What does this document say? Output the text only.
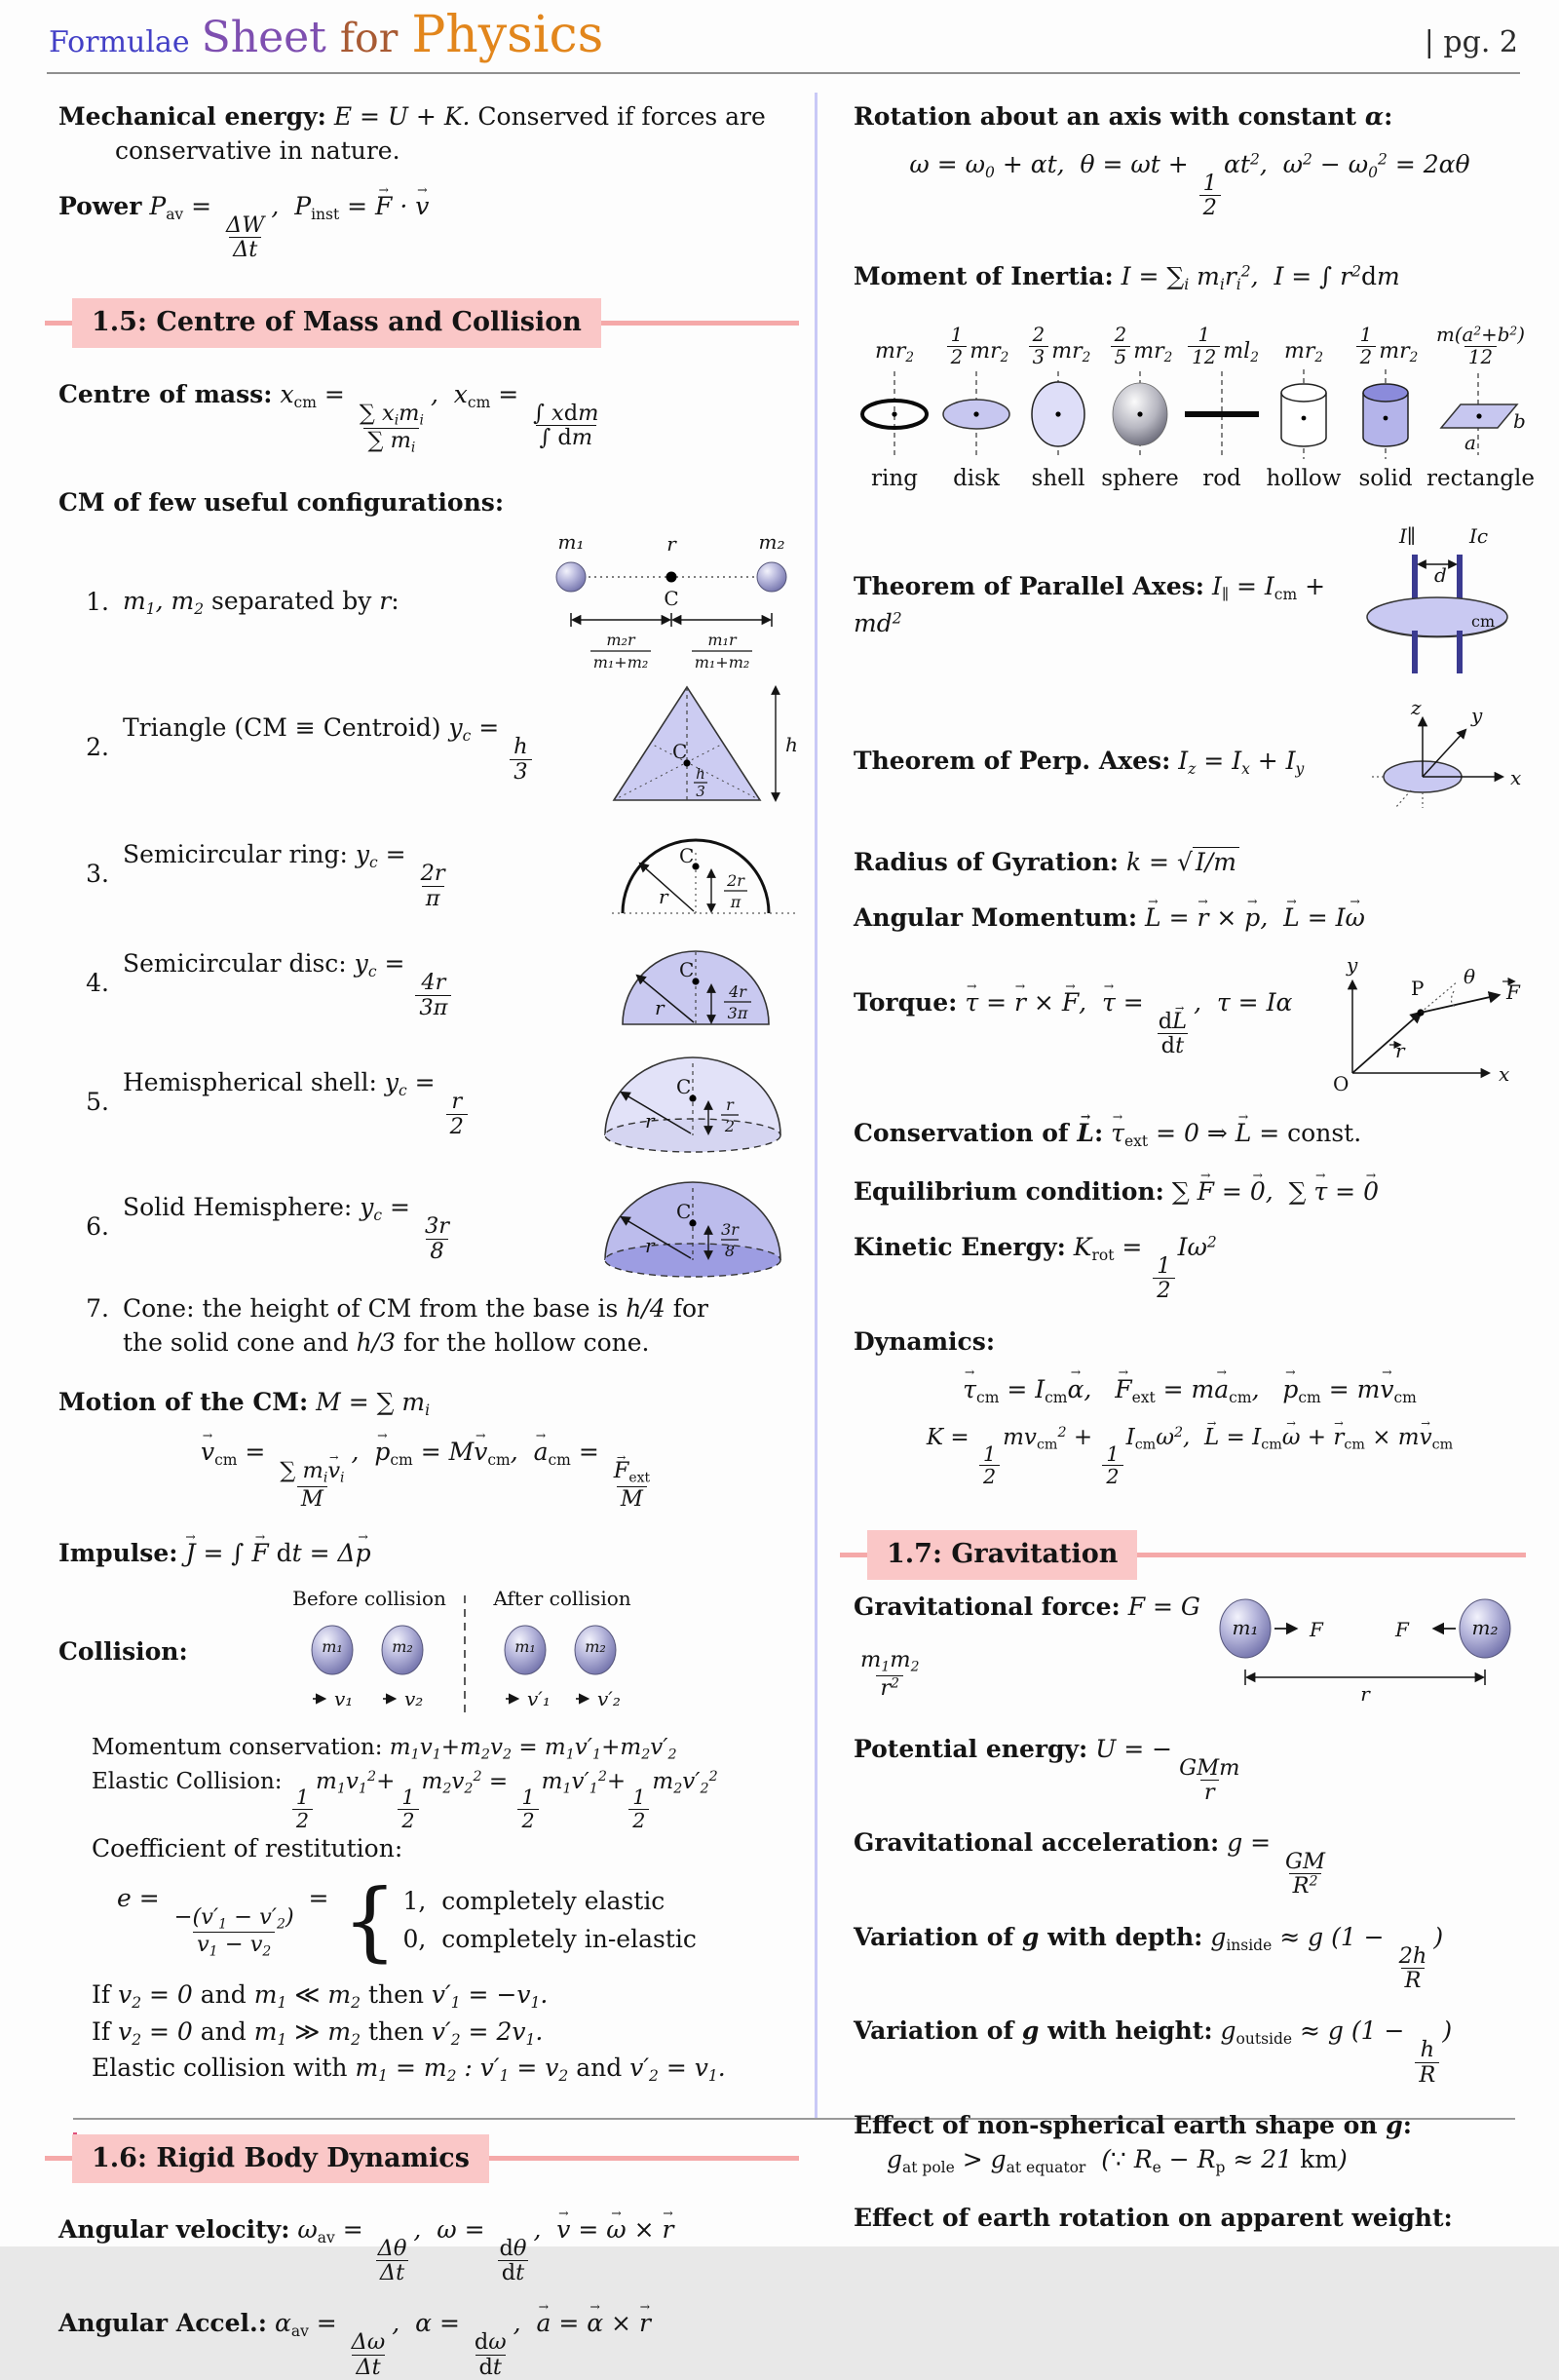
Formulae Sheet for Physics	| pg. 2
Mechanical energy: E = U + K. Conserved if forces are
conservative in nature.
Power Pav =
$\frac{\Delta W}{\Delta t}$
,  Pinst = F → · v →
1.5: Centre of Mass and Collision
Centre of mass: xcm =
$\frac{\text{∑ ximi}}{\sum mi}$
,  xcm =
$\frac{\text{∫ xdm}}{\int dm}$
CM of few useful configurations:
1. m1, m2 separated by r:
m₁	m₂
r
C
m₂r
m₁+m₂
m₁r
m₁+m₂
2.
Triangle (CM ≡ Centroid) yc =
$\frac{h}{3}$	C
h
3
h
3.
Semicircular ring: yc =
$\frac{2r}{\pi}$
C
r
2r
π
4.
Semicircular disc: yc =
$\frac{4r}{3\pi}$
C
r
4r
3π
5.
Hemispherical shell: yc =
$\frac{r}{2}$
C
r
r
2
6.
Solid Hemisphere: yc =
$\frac{3r}{8}$
C
r
3r
8
7. Cone: the height of CM from the base is h/4 for
the solid cone and h/3 for the hollow cone.
Motion of the CM: M = ∑ mi
v →cm =
$\frac{\text{∑ miv →i}}{M}$
,  p →cm = Mv →cm,  a →cm =
$\frac{\text{F →ext}}{M}$
Impulse: J → = ∫ F → dt = Δp →
Collision:
Before collision After collision
m₁	m₂	m₁	m₂
v₁	v₂	v′₁ v′₂
Momentum conservation: m1v1+m2v2 = m1v′1+m2v′2
Elastic Collision:
$\frac{1}{2}$
$m1v1^2+$
$\frac{1}{2}$
$m2v2^2$ =
$\frac{1}{2}$
$m1v'1^2+$
$\frac{1}{2}$
$m2v'2^2$
Coefficient of restitution:
e =
$\frac{-(v'1 - v'2)}{v1 - v2}$
= { 1, completely elastic
0, completely in-elastic
If v2 = 0 and m1 ≪ m2 then v′1 = −v1.
If v2 = 0 and m1 ≫ m2 then v′2 = 2v1.
Elastic collision with m1 = m2 : v′1 = v2 and v′2 = v1.
1.6: Rigid Body Dynamics
Angular velocity: ωav =
$\frac{\Delta\theta}{\Delta t}$
,  ω =
$\frac{d\theta}{dt}$
,  v → = ω → × r →
Angular Accel.: αav =
$\frac{\Delta\omega}{\Delta t}$
,  α =
$\frac{d\omega}{dt}$
,  a → = α → × r →
Rotation about an axis with constant α:
ω = ω0 + αt,  θ = ωt +
$\frac{1}{2}$
$\alpha t^2$,  $\omega^2 - \omega 0^2 = 2\alpha\theta$
Moment of Inertia: I = ∑i miri$^2$,  I = ∫ $r^2dm$
mr 2
ring
$\frac{1}{2}$ mr 2
disk
$\frac{2}{3}$ mr 2
shell
$\frac{2}{5}$ mr 2
sphere
$\frac{1}{12}$ ml 2
rod
mr 2
hollow
$\frac{1}{2}$ mr 2
solid
$\frac{m(a^2+b^2)}{12}$
a
b
rectangle
Theorem of Parallel Axes: I∥ = Icm + $md^2$
d
I∥	Ic
cm
Theorem of Perp. Axes: Iz = Ix + Iy
z	y
x
Radius of Gyration: k = √ I/m
Angular Momentum: L → = r → × p →,  L → = Iω →
Torque: τ → = r → × F →,  τ → =
$\frac{dL \to}{dt}$
,  τ = Iα
y
x
O
r
P	F
θ
Conservation of L →: τ →ext = 0 ⇒ L → = const.
Equilibrium condition: ∑ F → = 0 →,  ∑ τ → = 0 →
Kinetic Energy: Krot =
$\frac{1}{2}$
$I\omega^2$
Dynamics:
τ →cm = Icmα →,   F →ext = ma →cm,   p →cm = mv →cm
K =
$\frac{1}{2}$
mvcm$^2$ +
$\frac{1}{2}$
Icmω$^2$,  L → = Icmω → + r →cm × mv →cm
1.7: Gravitation
Gravitational force: F = G
$\frac{m1m2}{r^2}$
m₁	m₂
F	F
r
Potential energy: U = −
$\frac{\text{GMm}}{r}$
Gravitational acceleration: g =
$\frac{GM}{R^2}$
Variation of g with depth: ginside ≈ g (1 −
$\frac{2h}{R}$
)
Variation of g with height: goutside ≈ g (1 −
$\frac{h}{R}$
)
Effect of non-spherical earth shape on g:
gat pole > gat equator  (∵ Re − Rp ≈ 21 km)
Effect of earth rotation on apparent weight:
